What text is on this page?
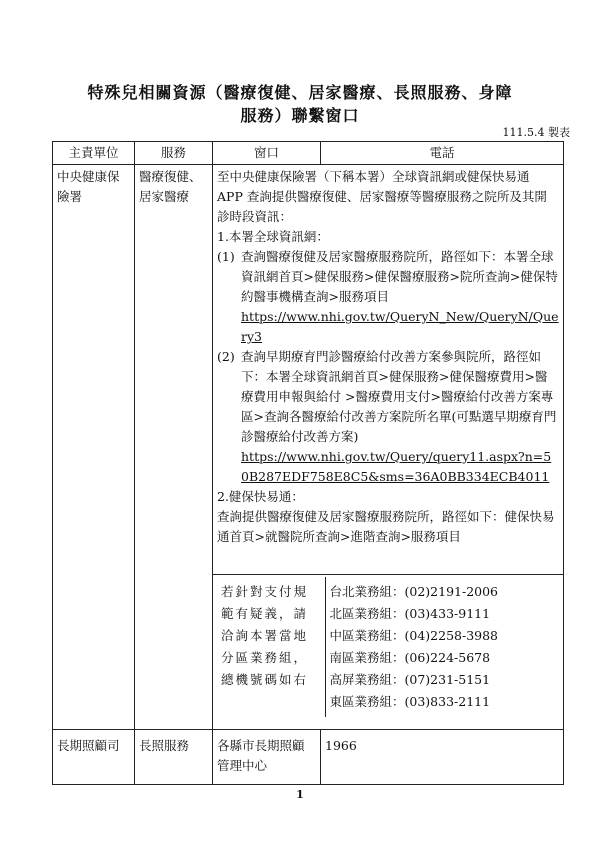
特殊兒相關資源（醫療復健、居家醫療、長照服務、身障
服務）聯繫窗口
111.5.4 製表
主責單位	服務	窗口	電話
中央健康保險署	醫療復健、居家醫療	

至中央健康保險署（下稱本署）全球資訊網或健保快易通 APP 查詢提供醫療復健、居家醫療等醫療服務之院所及其開診時段資訊：

1.本署全球資訊網：

(1) 查詢醫療復健及居家醫療服務院所，路徑如下：本署全球資訊網首頁>健保服務>健保醫療服務>院所查詢>健保特約醫事機構查詢>服務項目
https://www.nhi.gov.tw/QueryN_New/QueryN/Query3
(2) 查詢早期療育門診醫療給付改善方案參與院所，路徑如下：本署全球資訊網首頁>健保服務>健保醫療費用>醫療費用申報與給付 >醫療費用支付>醫療給付改善方案專區>查詢各醫療給付改善方案院所名單(可點選早期療育門診醫療給付改善方案)
https://www.nhi.gov.tw/Query/query11.aspx?n=50B287EDF758E8C5&sms=36A0BB334ECB4011

2.健保快易通：

查詢提供醫療復健及居家醫療服務院所，路徑如下：健保快易通首頁>就醫院所查詢>進階查詢>服務項目

若針對支付規範有疑義，請洽詢本署當地分區業務組，總機號碼如右	
台北業務組：(02)2191-2006
北區業務組：(03)433-9111
中區業務組：(04)2258-3988
南區業務組：(06)224-5678
高屏業務組：(07)231-5151
東區業務組：(03)833-2111

長期照顧司	長照服務	各縣市長期照顧管理中心	1966
1
